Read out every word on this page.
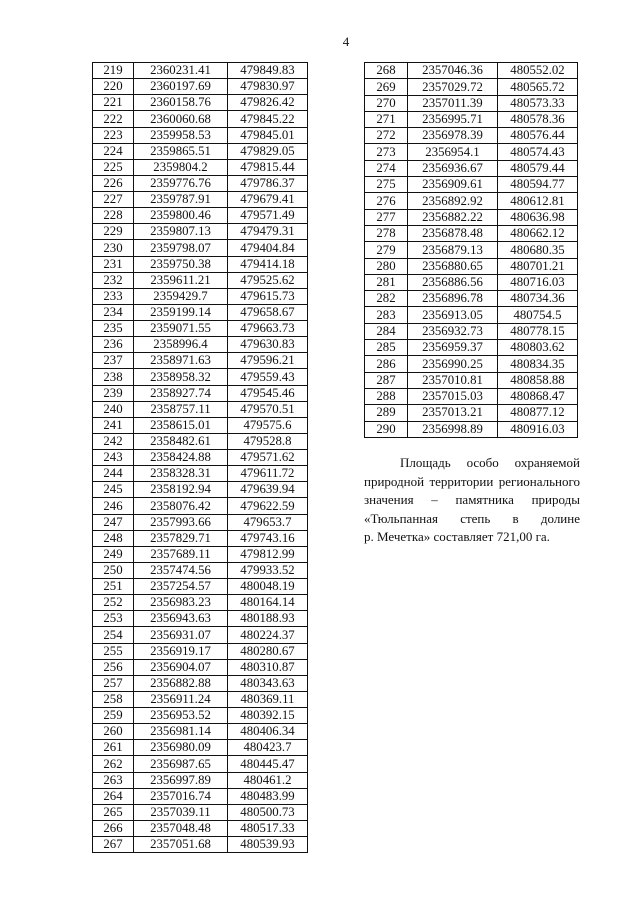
4
219	2360231.41	479849.83
220	2360197.69	479830.97
221	2360158.76	479826.42
222	2360060.68	479845.22
223	2359958.53	479845.01
224	2359865.51	479829.05
225	2359804.2	479815.44
226	2359776.76	479786.37
227	2359787.91	479679.41
228	2359800.46	479571.49
229	2359807.13	479479.31
230	2359798.07	479404.84
231	2359750.38	479414.18
232	2359611.21	479525.62
233	2359429.7	479615.73
234	2359199.14	479658.67
235	2359071.55	479663.73
236	2358996.4	479630.83
237	2358971.63	479596.21
238	2358958.32	479559.43
239	2358927.74	479545.46
240	2358757.11	479570.51
241	2358615.01	479575.6
242	2358482.61	479528.8
243	2358424.88	479571.62
244	2358328.31	479611.72
245	2358192.94	479639.94
246	2358076.42	479622.59
247	2357993.66	479653.7
248	2357829.71	479743.16
249	2357689.11	479812.99
250	2357474.56	479933.52
251	2357254.57	480048.19
252	2356983.23	480164.14
253	2356943.63	480188.93
254	2356931.07	480224.37
255	2356919.17	480280.67
256	2356904.07	480310.87
257	2356882.88	480343.63
258	2356911.24	480369.11
259	2356953.52	480392.15
260	2356981.14	480406.34
261	2356980.09	480423.7
262	2356987.65	480445.47
263	2356997.89	480461.2
264	2357016.74	480483.99
265	2357039.11	480500.73
266	2357048.48	480517.33
267	2357051.68	480539.93
268	2357046.36	480552.02
269	2357029.72	480565.72
270	2357011.39	480573.33
271	2356995.71	480578.36
272	2356978.39	480576.44
273	2356954.1	480574.43
274	2356936.67	480579.44
275	2356909.61	480594.77
276	2356892.92	480612.81
277	2356882.22	480636.98
278	2356878.48	480662.12
279	2356879.13	480680.35
280	2356880.65	480701.21
281	2356886.56	480716.03
282	2356896.78	480734.36
283	2356913.05	480754.5
284	2356932.73	480778.15
285	2356959.37	480803.62
286	2356990.25	480834.35
287	2357010.81	480858.88
288	2357015.03	480868.47
289	2357013.21	480877.12
290	2356998.89	480916.03
Площадь особо охраняемой
природной территории регионального
значения – памятника природы
«Тюльпанная степь в долине
р. Мечетка» составляет 721,00 га.
